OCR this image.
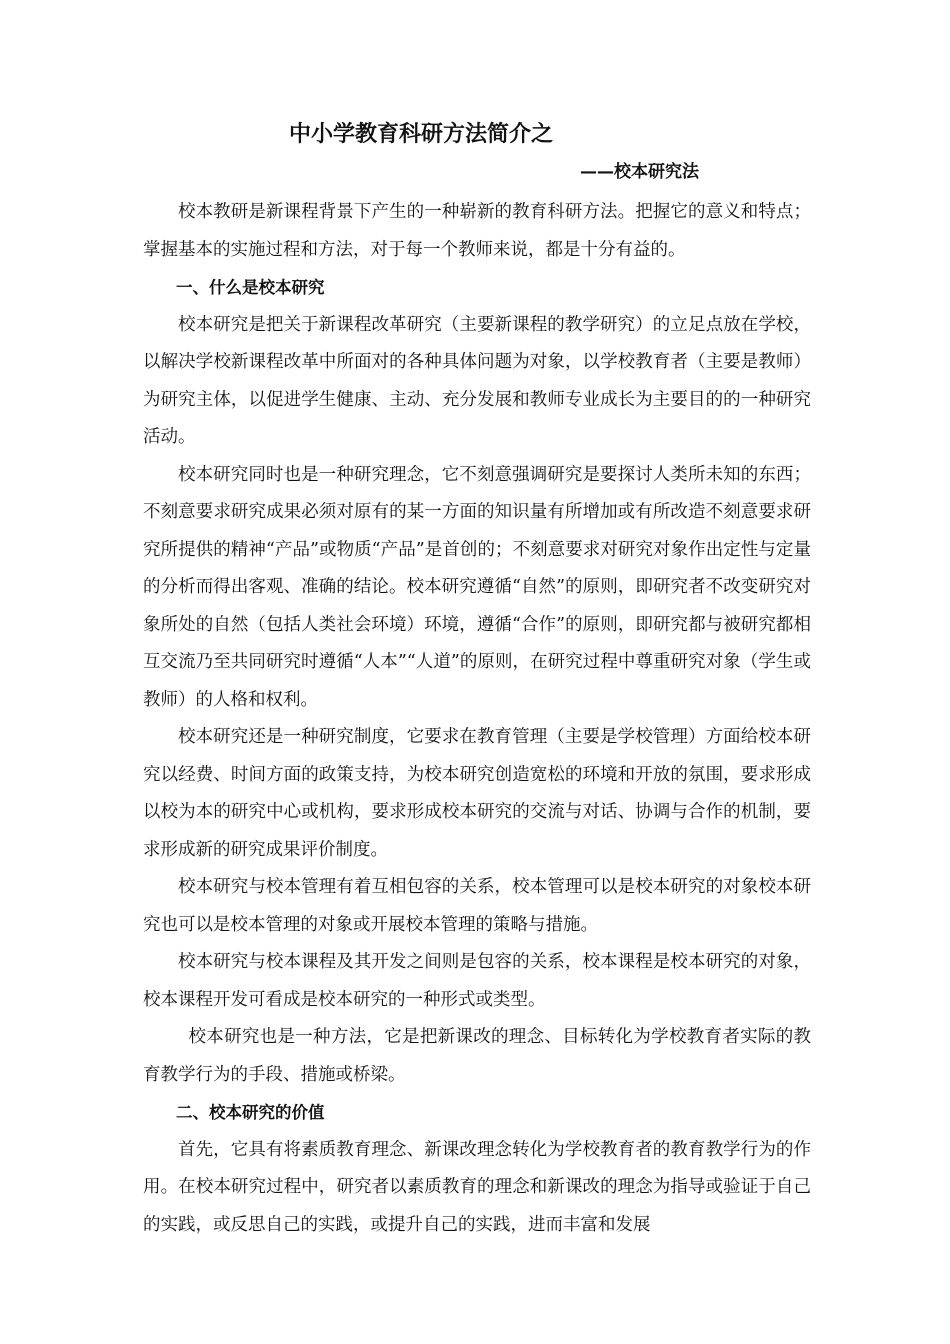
中小学教育科研方法简介之
——校本研究法

校本教研是新课程背景下产生的一种崭新的教育科研方法。把握它的意义和特点；掌握基本的实施过程和方法，对于每一个教师来说，都是十分有益的。

一、什么是校本研究

校本研究是把关于新课程改革研究（主要新课程的教学研究）的立足点放在学校，以解决学校新课程改革中所面对的各种具体问题为对象，以学校教育者（主要是教师）为研究主体，以促进学生健康、主动、充分发展和教师专业成长为主要目的的一种研究活动。

校本研究同时也是一种研究理念，它不刻意强调研究是要探讨人类所未知的东西；不刻意要求研究成果必须对原有的某一方面的知识量有所增加或有所改造不刻意要求研究所提供的精神“产品”或物质“产品”是首创的；不刻意要求对研究对象作出定性与定量的分析而得出客观、准确的结论。校本研究遵循“自然”的原则，即研究者不改变研究对象所处的自然（包括人类社会环境）环境，遵循“合作”的原则，即研究都与被研究都相互交流乃至共同研究时遵循“人本”“人道”的原则，在研究过程中尊重研究对象（学生或教师）的人格和权利。

校本研究还是一种研究制度，它要求在教育管理（主要是学校管理）方面给校本研究以经费、时间方面的政策支持，为校本研究创造宽松的环境和开放的氛围，要求形成以校为本的研究中心或机构，要求形成校本研究的交流与对话、协调与合作的机制，要求形成新的研究成果评价制度。

校本研究与校本管理有着互相包容的关系，校本管理可以是校本研究的对象校本研究也可以是校本管理的对象或开展校本管理的策略与措施。

校本研究与校本课程及其开发之间则是包容的关系，校本课程是校本研究的对象，校本课程开发可看成是校本研究的一种形式或类型。

校本研究也是一种方法，它是把新课改的理念、目标转化为学校教育者实际的教育教学行为的手段、措施或桥梁。

二、校本研究的价值

首先，它具有将素质教育理念、新课改理念转化为学校教育者的教育教学行为的作用。在校本研究过程中，研究者以素质教育的理念和新课改的理念为指导或验证于自己的实践，或反思自己的实践，或提升自己的实践，进而丰富和发展
